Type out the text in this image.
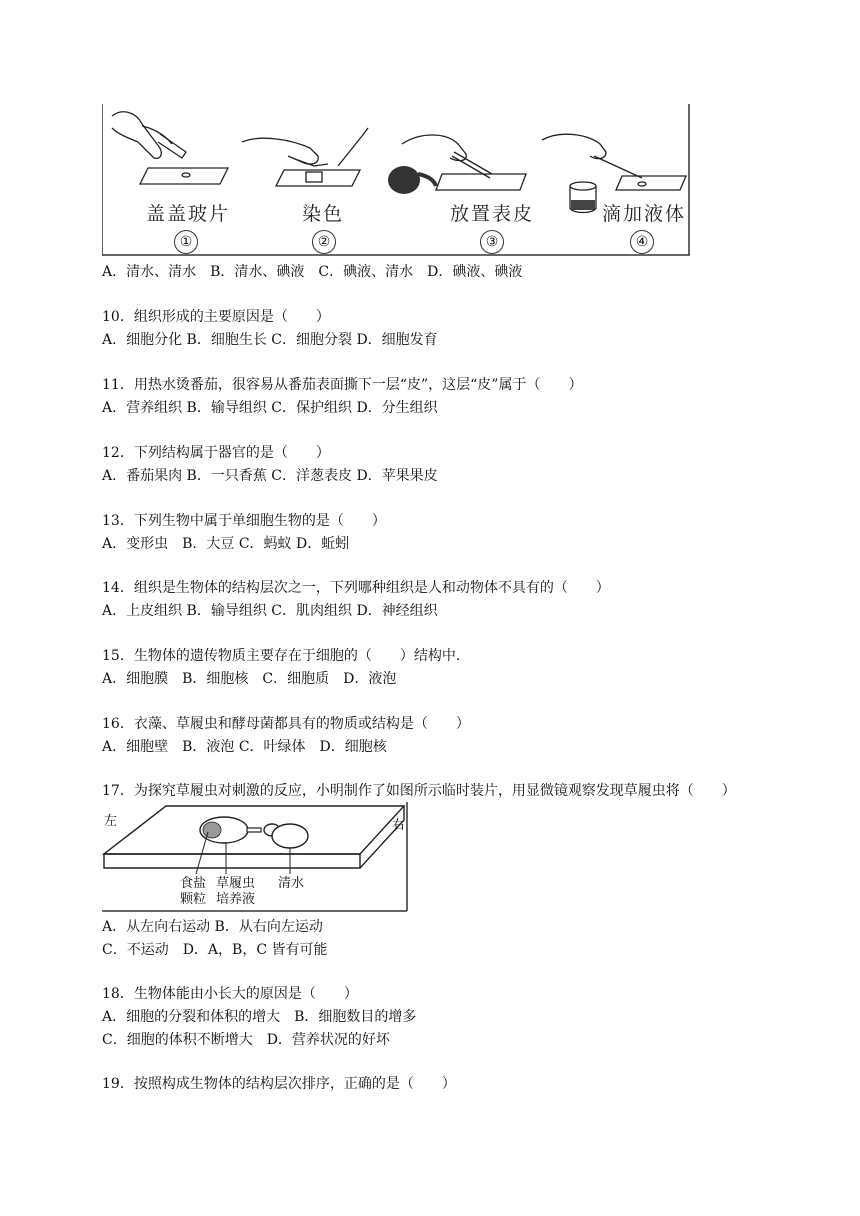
盖盖玻片
①
染色
②
放置表皮
③
滴加液体
④
A．清水、清水　B．清水、碘液　C．碘液、清水　D．碘液、碘液
10．组织形成的主要原因是（　　）
A．细胞分化 B．细胞生长 C．细胞分裂 D．细胞发育
11．用热水烫番茄，很容易从番茄表面撕下一层“皮”，这层“皮”属于（　　）
A．营养组织 B．输导组织 C．保护组织 D．分生组织
12．下列结构属于器官的是（　　）
A．番茄果肉 B．一只香蕉 C．洋葱表皮 D．苹果果皮
13．下列生物中属于单细胞生物的是（　　）
A．变形虫　B．大豆 C．蚂蚁 D．蚯蚓
14．组织是生物体的结构层次之一，下列哪种组织是人和动物体不具有的（　　）
A．上皮组织 B．输导组织 C．肌肉组织 D．神经组织
15．生物体的遗传物质主要存在于细胞的（　　）结构中．
A．细胞膜　B．细胞核　C．细胞质　D．液泡
16．衣藻、草履虫和酵母菌都具有的物质或结构是（　　）
A．细胞壁　B．液泡 C．叶绿体　D．细胞核
17．为探究草履虫对刺激的反应，小明制作了如图所示临时装片，用显微镜观察发现草履虫将（　　）
左	右
食盐
颗粒
草履虫
培养液
清水
A．从左向右运动 B．从右向左运动
C．不运动　D．A，B，C 皆有可能
18．生物体能由小长大的原因是（　　）
A．细胞的分裂和体积的增大　B．细胞数目的增多
C．细胞的体积不断增大　D．营养状况的好坏
19．按照构成生物体的结构层次排序，正确的是（　　）
